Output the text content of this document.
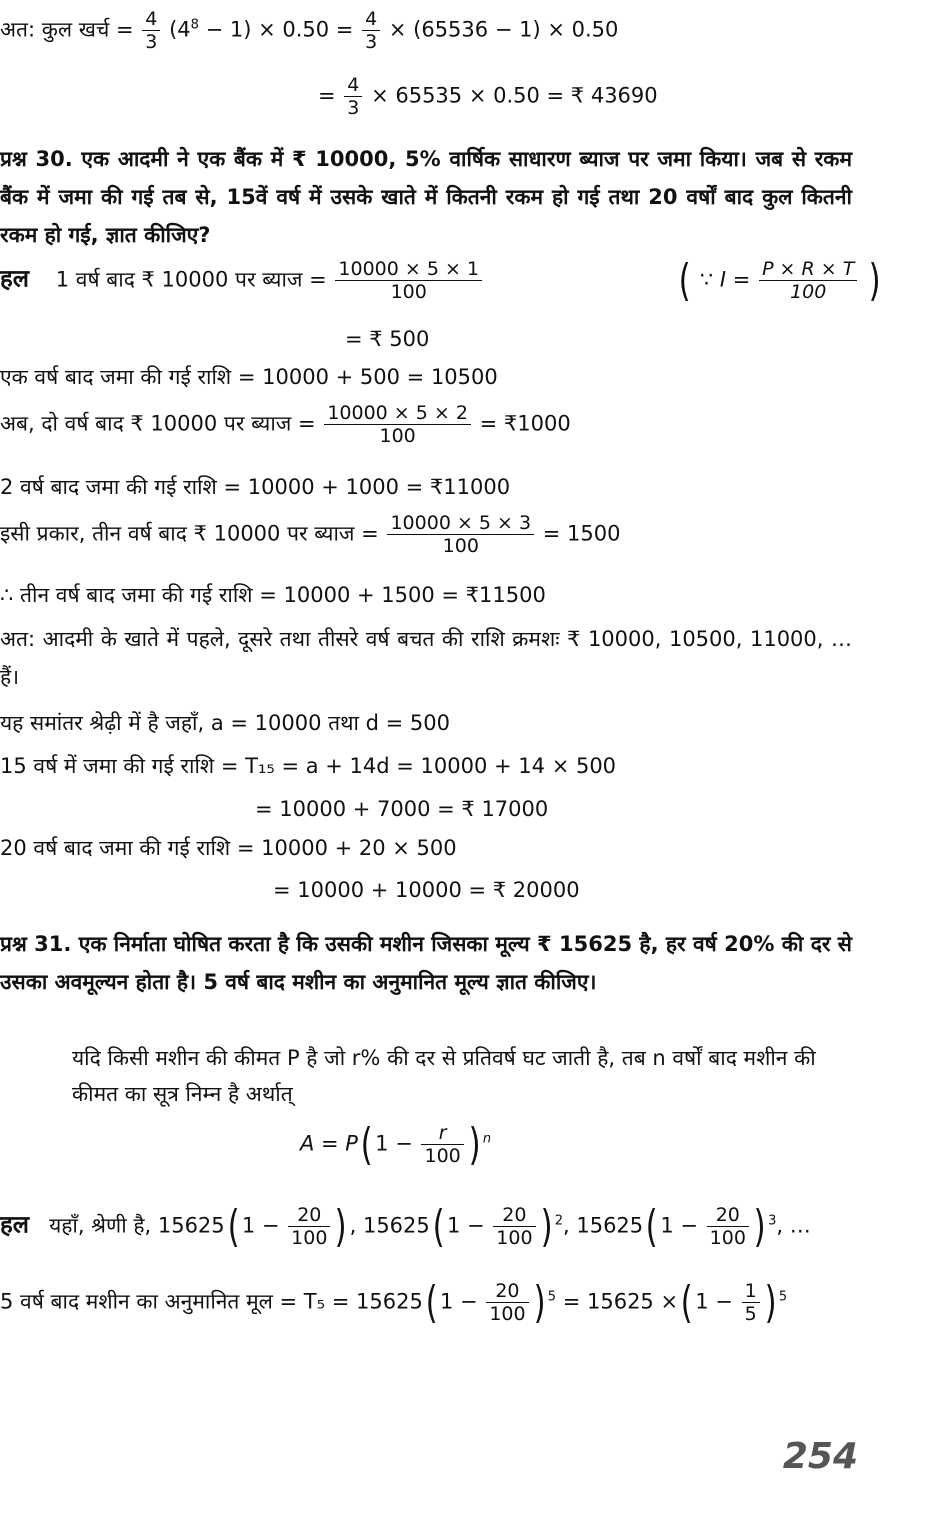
अत: कुल खर्च = $\frac{4}{3} (4^8 - 1) \times 0.50 = \frac{4}{3} \times (65536 - 1) \times 0.50$
= $\frac{4}{3} \times 65535 \times 0.50$ = ₹ 43690
प्रश्न 30. एक आदमी ने एक बैंक में ₹ 10000, 5% वार्षिक साधारण ब्याज पर जमा किया। जब से रकम बैंक में जमा की गई तब से, 15वें वर्ष में उसके खाते में कितनी रकम हो गई तथा 20 वर्षों बाद कुल कितनी रकम हो गई, ज्ञात कीजिए?
हल 1 वर्ष बाद ₹ 10000 पर ब्याज = $\frac{10000 \times 5 \times 1}{100}$	( ∵ $I = \frac{P \times R \times T}{100}$ )
= ₹ 500
एक वर्ष बाद जमा की गई राशि = 10000 + 500 = 10500
अब, दो वर्ष बाद ₹ 10000 पर ब्याज = $\frac{10000 \times 5 \times 2}{100}$ = ₹1000
2 वर्ष बाद जमा की गई राशि = 10000 + 1000 = ₹11000
इसी प्रकार, तीन वर्ष बाद ₹ 10000 पर ब्याज = $\frac{10000 \times 5 \times 3}{100} = 1500$
∴ तीन वर्ष बाद जमा की गई राशि = 10000 + 1500 = ₹11500
अत: आदमी के खाते में पहले, दूसरे तथा तीसरे वर्ष बचत की राशि क्रमशः ₹ 10000, 10500, 11000, … हैं।
यह समांतर श्रेढ़ी में है जहाँ, a = 10000 तथा d = 500
15 वर्ष में जमा की गई राशि = T₁₅ = a + 14d = 10000 + 14 × 500
= 10000 + 7000 = ₹ 17000
20 वर्ष बाद जमा की गई राशि = 10000 + 20 × 500
= 10000 + 10000 = ₹ 20000
प्रश्न 31. एक निर्माता घोषित करता है कि उसकी मशीन जिसका मूल्य ₹ 15625 है, हर वर्ष 20% की दर से उसका अवमूल्यन होता है। 5 वर्ष बाद मशीन का अनुमानित मूल्य ज्ञात कीजिए।
यदि किसी मशीन की कीमत P है जो r% की दर से प्रतिवर्ष घट जाती है, तब n वर्षों बाद मशीन की कीमत का सूत्र निम्न है अर्थात्
A = P( $1 - \frac{r}{100}$ ) $^n$
हल यहाँ, श्रेणी है, 15625( $1 - \frac{20}{100}$ ) , 15625( $1 - \frac{20}{100}$ ) $^2$, 15625( $1 - \frac{20}{100}$ ) $^3$, …
5 वर्ष बाद मशीन का अनुमानित मूल = T₅ = 15625( $1 - \frac{20}{100}$ ) $^5$ = 15625 ×( $1 - \frac{1}{5}$ ) $^5$
254
